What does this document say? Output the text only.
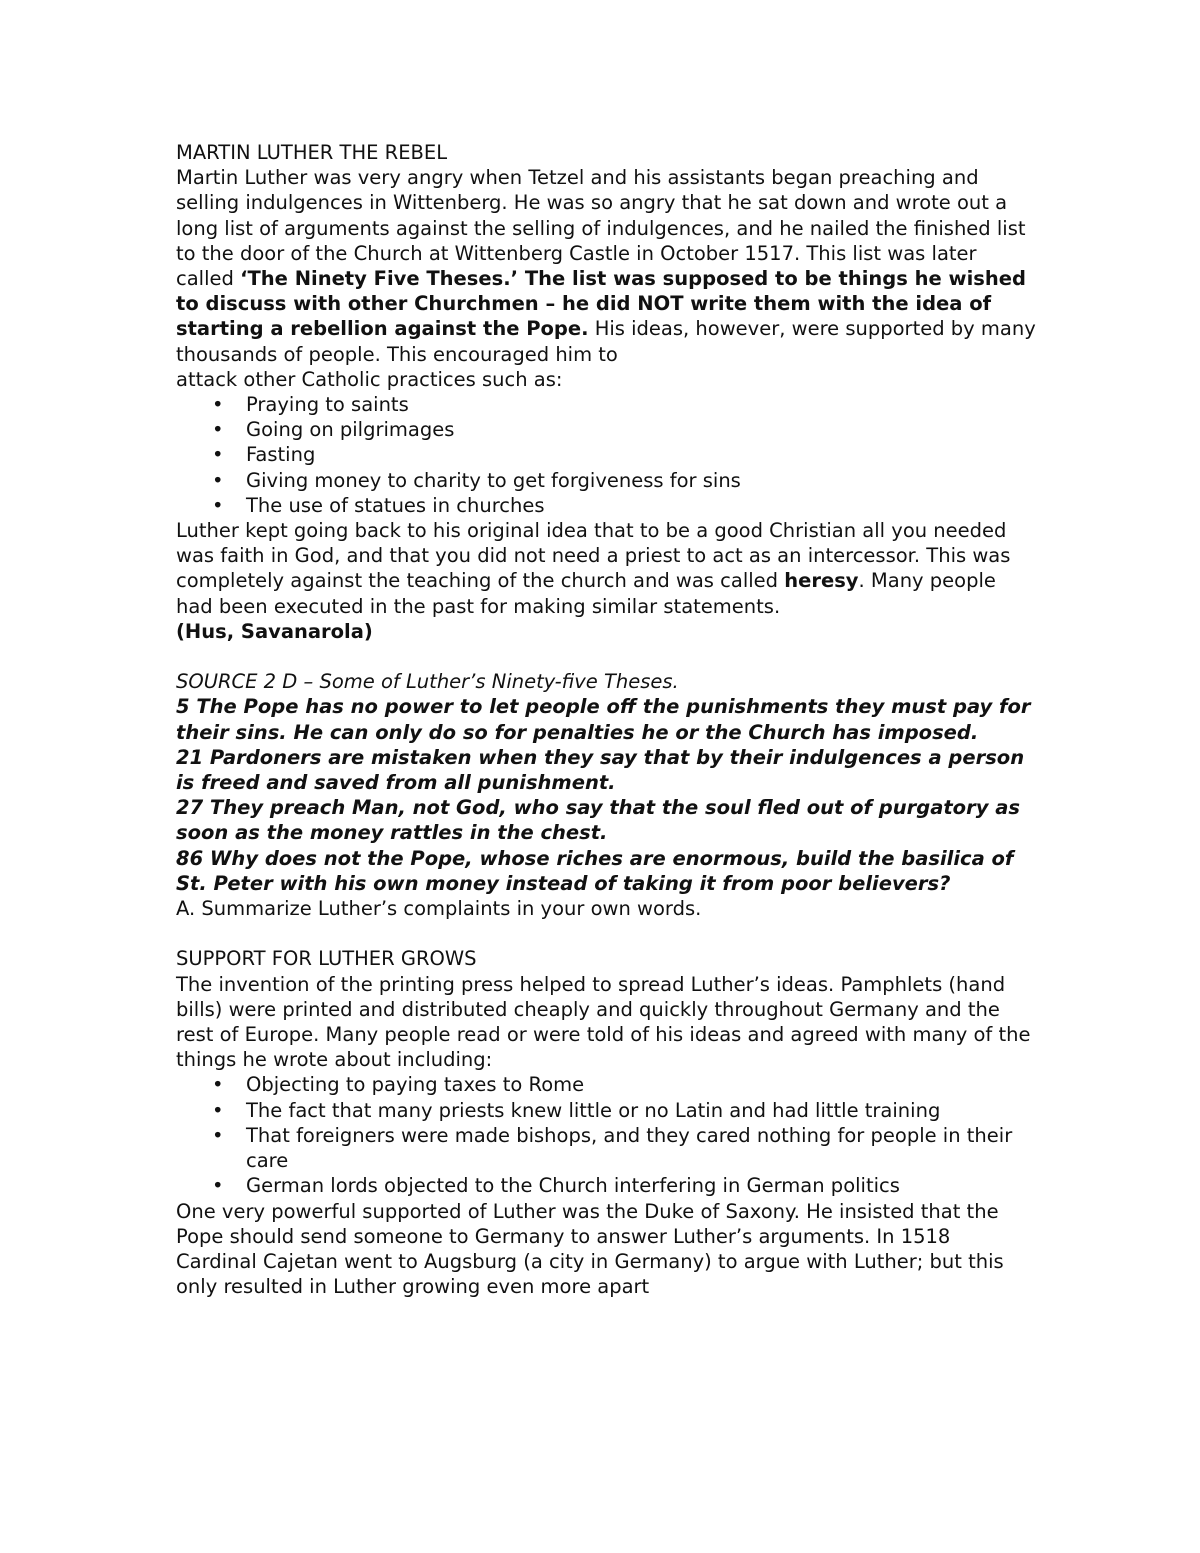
MARTIN LUTHER THE REBEL

Martin Luther was very angry when Tetzel and his assistants began preaching and selling indulgences in Wittenberg. He was so angry that he sat down and wrote out a long list of arguments against the selling of indulgences, and he nailed the finished list to the door of the Church at Wittenberg Castle in October 1517. This list was later called ‘The Ninety Five Theses.’ The list was supposed to be things he wished to discuss with other Churchmen – he did NOT write them with the idea of starting a rebellion against the Pope. His ideas, however, were supported by many thousands of people. This encouraged him to

attack other Catholic practices such as:

• Praying to saints
• Going on pilgrimages
• Fasting
• Giving money to charity to get forgiveness for sins
• The use of statues in churches

Luther kept going back to his original idea that to be a good Christian all you needed was faith in God, and that you did not need a priest to act as an intercessor. This was completely against the teaching of the church and was called heresy. Many people had been executed in the past for making similar statements.

(Hus, Savanarola)

SOURCE 2 D – Some of Luther’s Ninety-five Theses.

5 The Pope has no power to let people off the punishments they must pay for their sins. He can only do so for penalties he or the Church has imposed.

21 Pardoners are mistaken when they say that by their indulgences a person is freed and saved from all punishment.

27 They preach Man, not God, who say that the soul fled out of purgatory as soon as the money rattles in the chest.

86 Why does not the Pope, whose riches are enormous, build the basilica of St. Peter with his own money instead of taking it from poor believers?

A. Summarize Luther’s complaints in your own words.

SUPPORT FOR LUTHER GROWS

The invention of the printing press helped to spread Luther’s ideas. Pamphlets (hand bills) were printed and distributed cheaply and quickly throughout Germany and the rest of Europe. Many people read or were told of his ideas and agreed with many of the things he wrote about including:

• Objecting to paying taxes to Rome
• The fact that many priests knew little or no Latin and had little training
• That foreigners were made bishops, and they cared nothing for people in their care
• German lords objected to the Church interfering in German politics

One very powerful supported of Luther was the Duke of Saxony. He insisted that the Pope should send someone to Germany to answer Luther’s arguments. In 1518 Cardinal Cajetan went to Augsburg (a city in Germany) to argue with Luther; but this only resulted in Luther growing even more apart
